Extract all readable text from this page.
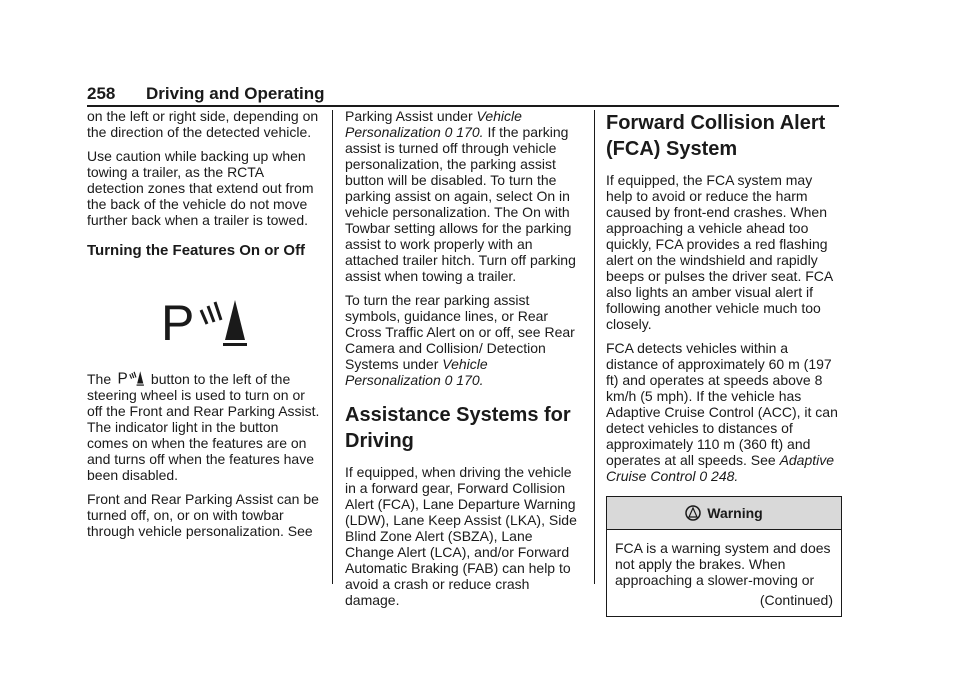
258 Driving and Operating

on the left or right side, depending on the direction of the detected vehicle.

Use caution while backing up when towing a trailer, as the RCTA detection zones that extend out from the back of the vehicle do not move further back when a trailer is towed.

Turning the Features On or Off
P

The P button to the left of the steering wheel is used to turn on or off the Front and Rear Parking Assist. The indicator light in the button comes on when the features are on and turns off when the features have been disabled.

Front and Rear Parking Assist can be turned off, on, or on with towbar through vehicle personalization. See

Parking Assist under Vehicle Personalization 0 170. If the parking assist is turned off through vehicle personalization, the parking assist button will be disabled. To turn the parking assist on again, select On in vehicle personalization. The On with Towbar setting allows for the parking assist to work properly with an attached trailer hitch. Turn off parking assist when towing a trailer.

To turn the rear parking assist symbols, guidance lines, or Rear Cross Traffic Alert on or off, see Rear Camera and Collision/ Detection Systems under Vehicle Personalization 0 170.

Assistance Systems for Driving

If equipped, when driving the vehicle in a forward gear, Forward Collision Alert (FCA), Lane Departure Warning (LDW), Lane Keep Assist (LKA), Side Blind Zone Alert (SBZA), Lane Change Alert (LCA), and/or Forward Automatic Braking (FAB) can help to avoid a crash or reduce crash damage.

Forward Collision Alert (FCA) System

If equipped, the FCA system may help to avoid or reduce the harm caused by front-end crashes. When approaching a vehicle ahead too quickly, FCA provides a red flashing alert on the windshield and rapidly beeps or pulses the driver seat. FCA also lights an amber visual alert if following another vehicle much too closely.

FCA detects vehicles within a distance of approximately 60 m (197 ft) and operates at speeds above 8 km/h (5 mph). If the vehicle has Adaptive Cruise Control (ACC), it can detect vehicles to distances of approximately 110 m (360 ft) and operates at all speeds. See Adaptive Cruise Control 0 248.

Warning

FCA is a warning system and does not apply the brakes. When approaching a slower-moving or

(Continued)
